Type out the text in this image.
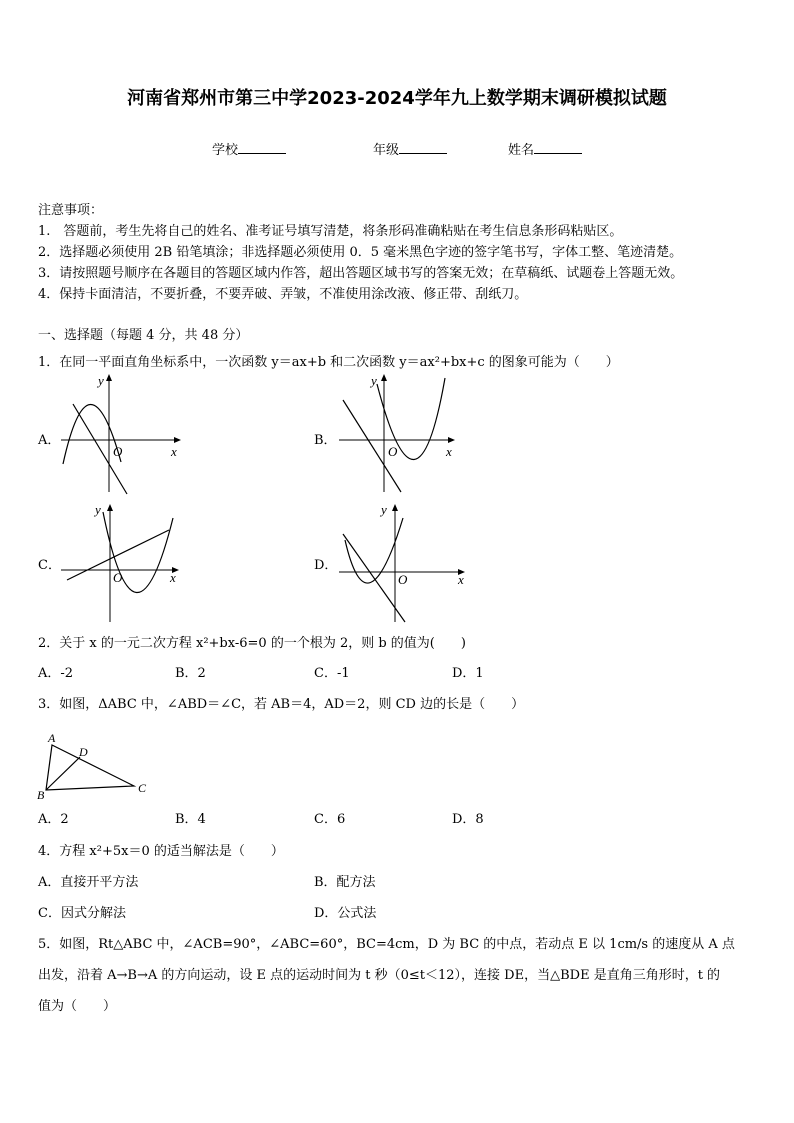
河南省郑州市第三中学2023-2024学年九上数学期末调研模拟试题
学校	年级	姓名
注意事项：
1.　答题前，考生先将自己的姓名、准考证号填写清楚，将条形码准确粘贴在考生信息条形码粘贴区。
2．选择题必须使用 2B 铅笔填涂；非选择题必须使用 0．5 毫米黑色字迹的签字笔书写，字体工整、笔迹清楚。
3．请按照题号顺序在各题目的答题区域内作答，超出答题区域书写的答案无效；在草稿纸、试题卷上答题无效。
4．保持卡面清洁，不要折叠，不要弄破、弄皱，不准使用涂改液、修正带、刮纸刀。
一、选择题（每题 4 分，共 48 分）
1．在同一平面直角坐标系中，一次函数 y＝ax+b 和二次函数 y＝ax²+bx+c 的图象可能为（　　）
A．
y
x
O
B．
y
x
O
C．
y
x
O
D．
y
x
O
2．关于 x 的一元二次方程 x²+bx-6=0 的一个根为 2，则 b 的值为(　　)
A．-2	B．2	C．-1	D．1
3．如图，ΔABC 中，∠ABD＝∠C，若 AB＝4，AD＝2，则 CD 边的长是（　　）
A
D
B	C
A．2	B．4	C．6	D．8
4．方程 x²+5x＝0 的适当解法是（　　）
A．直接开平方法	B．配方法
C．因式分解法	D．公式法
5．如图，Rt△ABC 中，∠ACB=90°，∠ABC=60°，BC=4cm，D 为 BC 的中点，若动点 E 以 1cm/s 的速度从 A 点
出发，沿着 A→B→A 的方向运动，设 E 点的运动时间为 t 秒（0≤t＜12），连接 DE，当△BDE 是直角三角形时，t 的
值为（　　）
